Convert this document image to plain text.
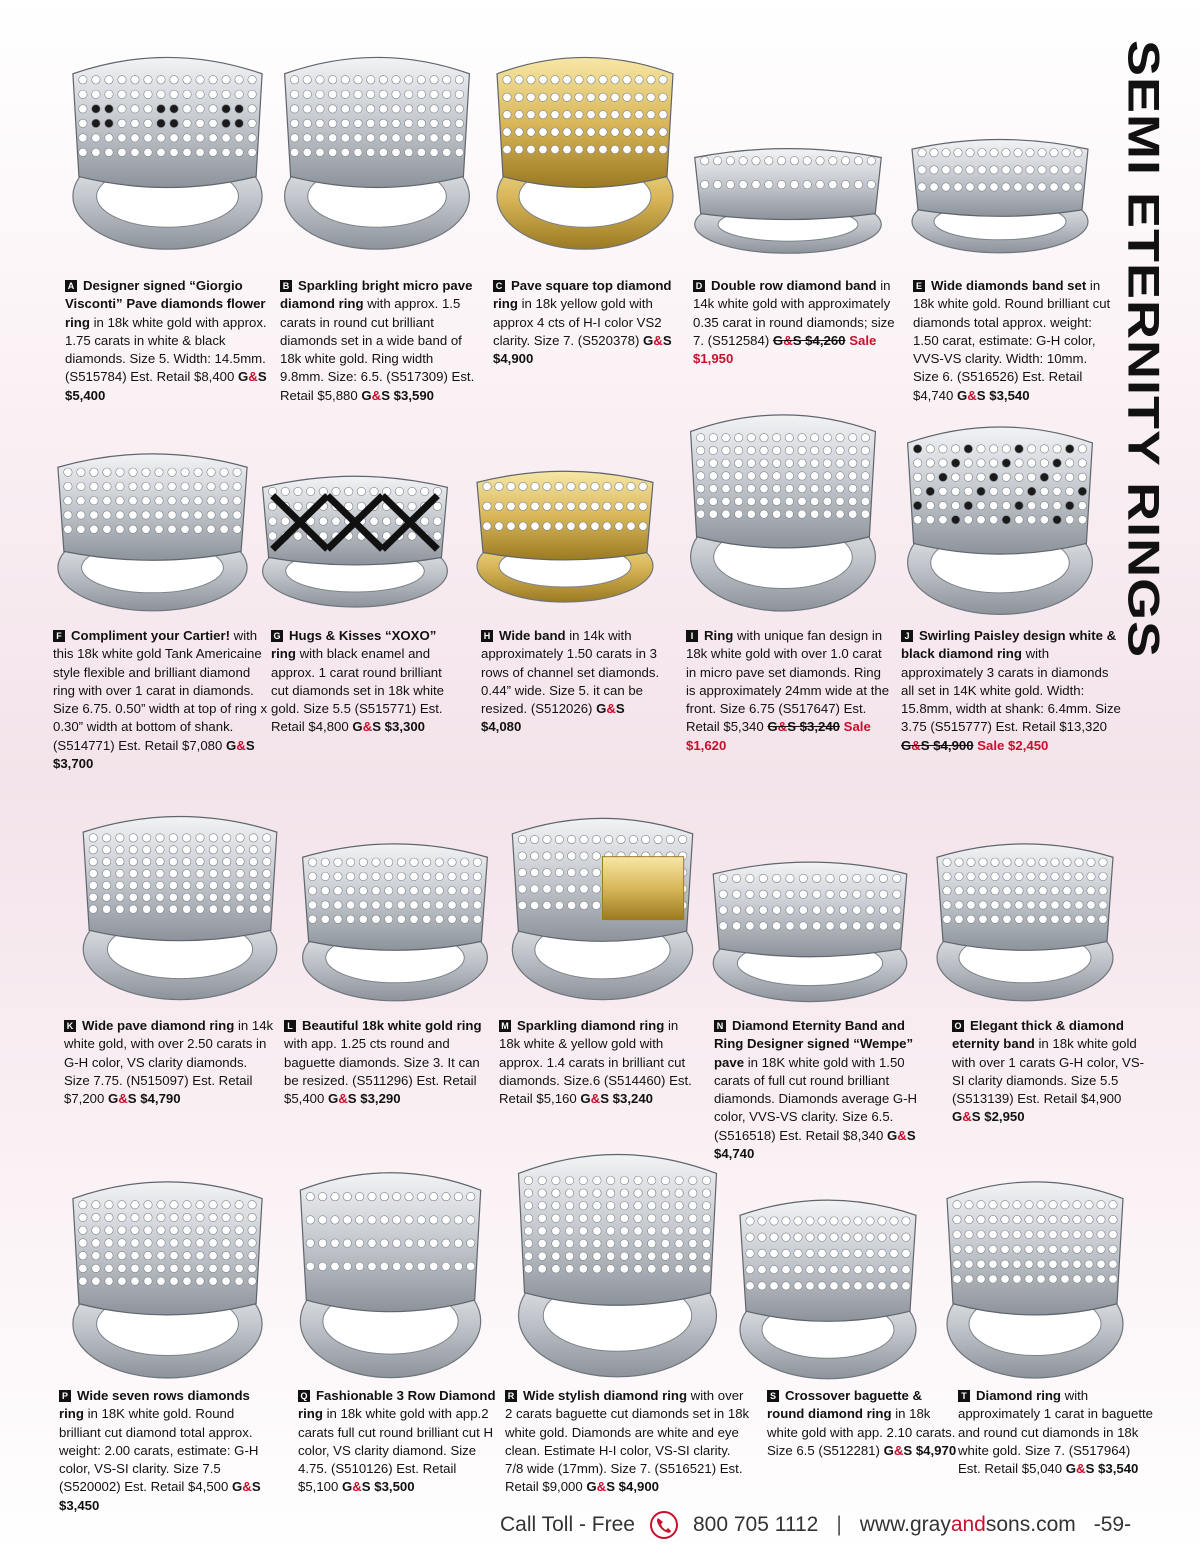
SEMI ETERNITY RINGS
A Designer signed “Giorgio Visconti” Pave diamonds flower ring in 18k white gold with approx. 1.75 carats in white & black diamonds. Size 5. Width: 14.5mm. (S515784) Est. Retail $8,400 G&S $5,400
B Sparkling bright micro pave diamond ring with approx. 1.5 carats in round cut brilliant diamonds set in a wide band of 18k white gold. Ring width 9.8mm. Size: 6.5. (S517309) Est. Retail $5,880 G&S $3,590
C Pave square top diamond ring in 18k yellow gold with approx 4 cts of H-I color VS2 clarity. Size 7. (S520378) G&S $4,900
D Double row diamond band in 14k white gold with approximately 0.35 carat in round diamonds; size 7. (S512584) G&S $4,260 Sale $1,950
E Wide diamonds band set in 18k white gold. Round brilliant cut diamonds total approx. weight: 1.50 carat, estimate: G-H color, VVS-VS clarity. Width: 10mm. Size 6. (S516526) Est. Retail $4,740 G&S $3,540
F Compliment your Cartier! with this 18k white gold Tank Americaine style flexible and brilliant diamond ring with over 1 carat in diamonds. Size 6.75. 0.50” width at top of ring x 0.30” width at bottom of shank. (S514771) Est. Retail $7,080 G&S $3,700
G Hugs & Kisses “XOXO” ring with black enamel and approx. 1 carat round brilliant cut diamonds set in 18k white gold. Size 5.5 (S515771) Est. Retail $4,800 G&S $3,300
H Wide band in 14k with approximately 1.50 carats in 3 rows of channel set diamonds. 0.44” wide. Size 5. it can be resized. (S512026) G&S $4,080
I Ring with unique fan design in 18k white gold with over 1.0 carat in micro pave set diamonds. Ring is approximately 24mm wide at the front. Size 6.75 (S517647) Est. Retail $5,340 G&S $3,240 Sale $1,620
J Swirling Paisley design white & black diamond ring with approximately 3 carats in diamonds all set in 14K white gold. Width: 15.8mm, width at shank: 6.4mm. Size 3.75 (S515777) Est. Retail $13,320 G&S $4,900 Sale $2,450
K Wide pave diamond ring in 14k white gold, with over 2.50 carats in G-H color, VS clarity diamonds. Size 7.75. (N515097) Est. Retail $7,200 G&S $4,790
L Beautiful 18k white gold ring with app. 1.25 cts round and baguette diamonds. Size 3. It can be resized. (S511296) Est. Retail $5,400 G&S $3,290
M Sparkling diamond ring in 18k white & yellow gold with approx. 1.4 carats in brilliant cut diamonds. Size.6 (S514460) Est. Retail $5,160 G&S $3,240
N Diamond Eternity Band and Ring Designer signed “Wempe” pave in 18K white gold with 1.50 carats of full cut round brilliant diamonds. Diamonds average G-H color, VVS-VS clarity. Size 6.5. (S516518) Est. Retail $8,340 G&S $4,740
O Elegant thick & diamond eternity band in 18k white gold with over 1 carats G-H color, VS-SI clarity diamonds. Size 5.5 (S513139) Est. Retail $4,900 G&S $2,950
P Wide seven rows diamonds ring in 18K white gold. Round brilliant cut diamond total approx. weight: 2.00 carats, estimate: G-H color, VS-SI clarity. Size 7.5 (S520002) Est. Retail $4,500 G&S $3,450
Q Fashionable 3 Row Diamond ring in 18k white gold with app.2 carats full cut round brilliant cut H color, VS clarity diamond. Size 4.75. (S510126) Est. Retail $5,100 G&S $3,500
R Wide stylish diamond ring with over 2 carats baguette cut diamonds set in 18k white gold. Diamonds are white and eye clean. Estimate H-I color, VS-SI clarity. 7/8 wide (17mm). Size 7. (S516521) Est. Retail $9,000 G&S $4,900
S Crossover baguette & round diamond ring in 18k white gold with app. 2.10 carats. Size 6.5 (S512281) G&S $4,970
T Diamond ring with approximately 1 carat in baguette and round cut diamonds in 18k white gold. Size 7. (S517964) Est. Retail $5,040 G&S $3,540
Call Toll - Free	800 705 1112 | www.grayandsons.com -59-
